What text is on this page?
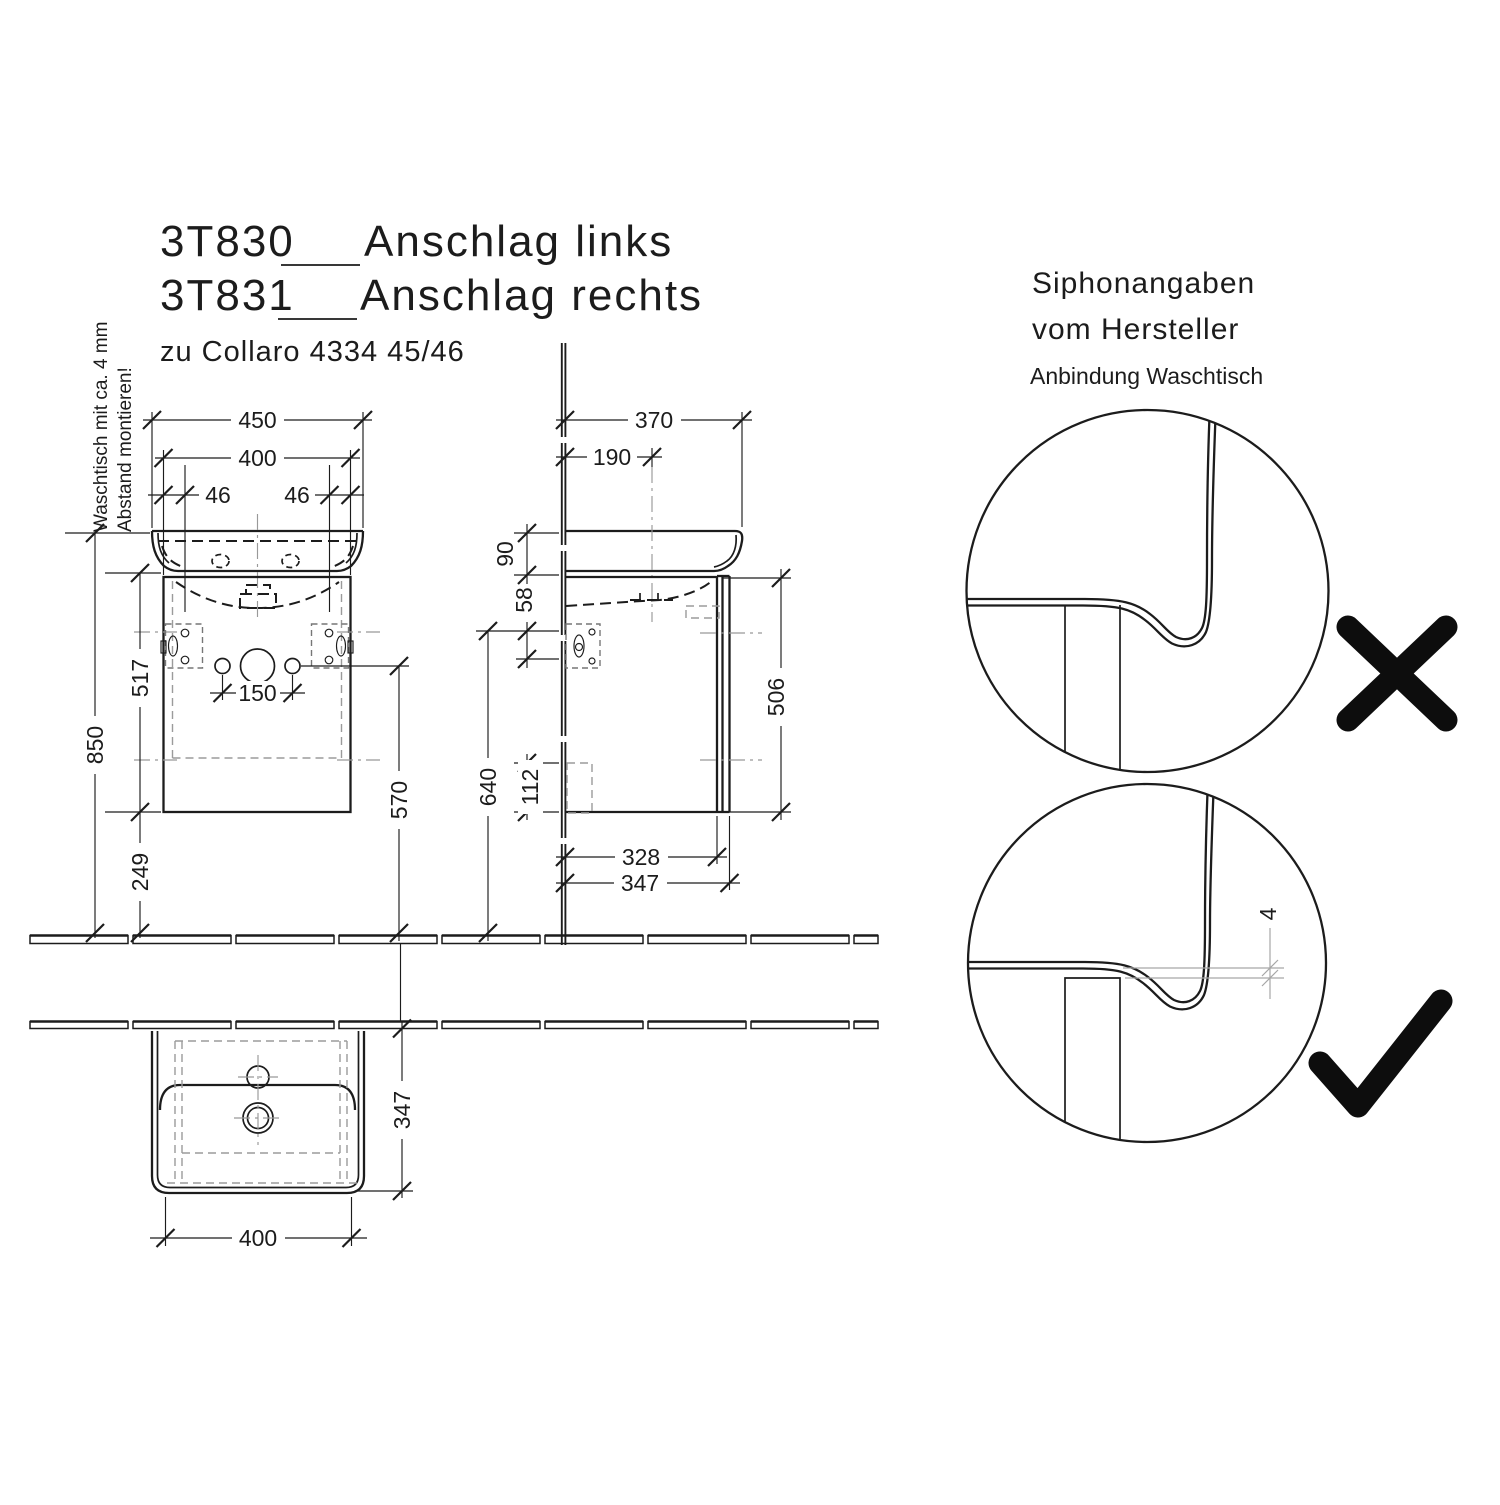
3T830 Anschlag links
3T831 Anschlag rechts
zu Collaro 4334 45/46
Waschtisch mit ca. 4 mm Abstand montieren!	450
400
46 46
850
517
249
150
570
370
190
90
58
640 112
506
328
347
347
400
Siphonangaben
vom Hersteller
Anbindung Waschtisch
4
